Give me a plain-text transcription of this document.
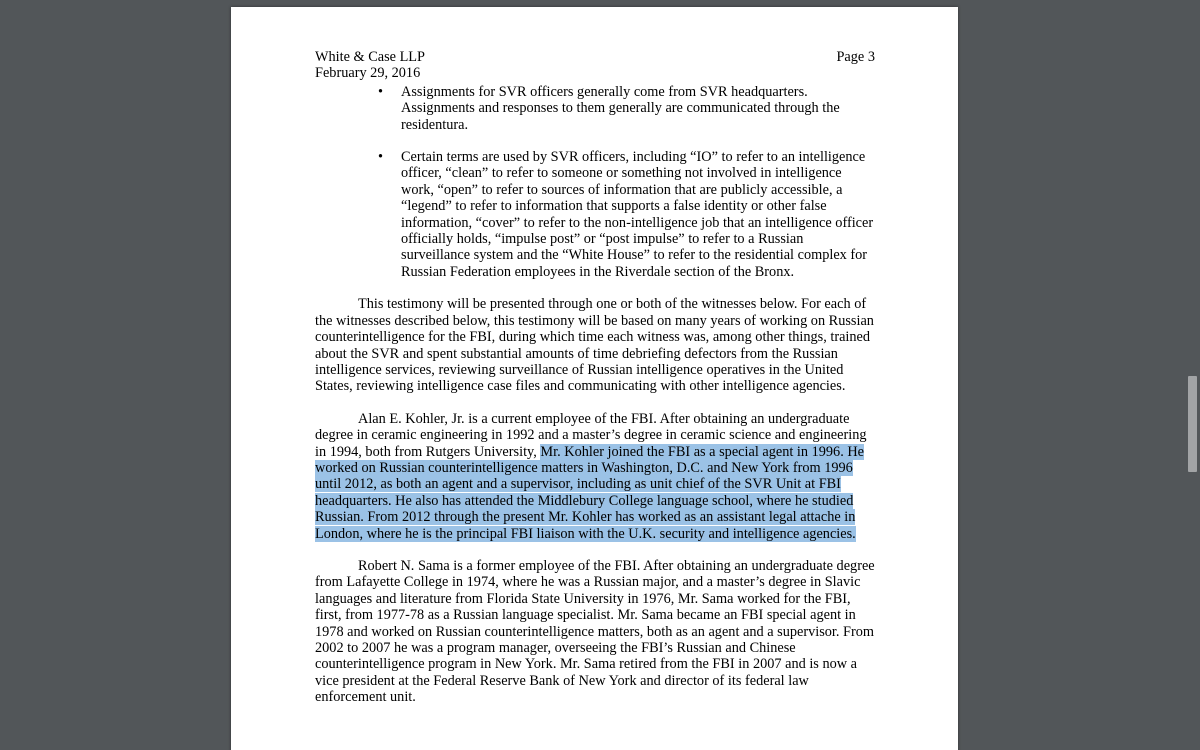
White & Case LLP
February 29, 2016
Page 3
• Assignments for SVR officers generally come from SVR headquarters. Assignments and responses to them generally are communicated through the residentura.
• Certain terms are used by SVR officers, including “IO” to refer to an intelligence officer, “clean” to refer to someone or something not involved in intelligence work, “open” to refer to sources of information that are publicly accessible, a “legend” to refer to information that supports a false identity or other false information, “cover” to refer to the non-intelligence job that an intelligence officer officially holds, “impulse post” or “post impulse” to refer to a Russian surveillance system and the “White House” to refer to the residential complex for Russian Federation employees in the Riverdale section of the Bronx.

This testimony will be presented through one or both of the witnesses below. For each of the witnesses described below, this testimony will be based on many years of working on Russian counterintelligence for the FBI, during which time each witness was, among other things, trained about the SVR and spent substantial amounts of time debriefing defectors from the Russian intelligence services, reviewing surveillance of Russian intelligence operatives in the United States, reviewing intelligence case files and communicating with other intelligence agencies.

Alan E. Kohler, Jr. is a current employee of the FBI. After obtaining an undergraduate degree in ceramic engineering in 1992 and a master’s degree in ceramic science and engineering in 1994, both from Rutgers University, Mr. Kohler joined the FBI as a special agent in 1996. He worked on Russian counterintelligence matters in Washington, D.C. and New York from 1996 until 2012, as both an agent and a supervisor, including as unit chief of the SVR Unit at FBI headquarters. He also has attended the Middlebury College language school, where he studied Russian. From 2012 through the present Mr. Kohler has worked as an assistant legal attache in London, where he is the principal FBI liaison with the U.K. security and intelligence agencies.

Robert N. Sama is a former employee of the FBI. After obtaining an undergraduate degree from Lafayette College in 1974, where he was a Russian major, and a master’s degree in Slavic languages and literature from Florida State University in 1976, Mr. Sama worked for the FBI, first, from 1977-78 as a Russian language specialist. Mr. Sama became an FBI special agent in 1978 and worked on Russian counterintelligence matters, both as an agent and a supervisor. From 2002 to 2007 he was a program manager, overseeing the FBI’s Russian and Chinese counterintelligence program in New York. Mr. Sama retired from the FBI in 2007 and is now a vice president at the Federal Reserve Bank of New York and director of its federal law enforcement unit.
